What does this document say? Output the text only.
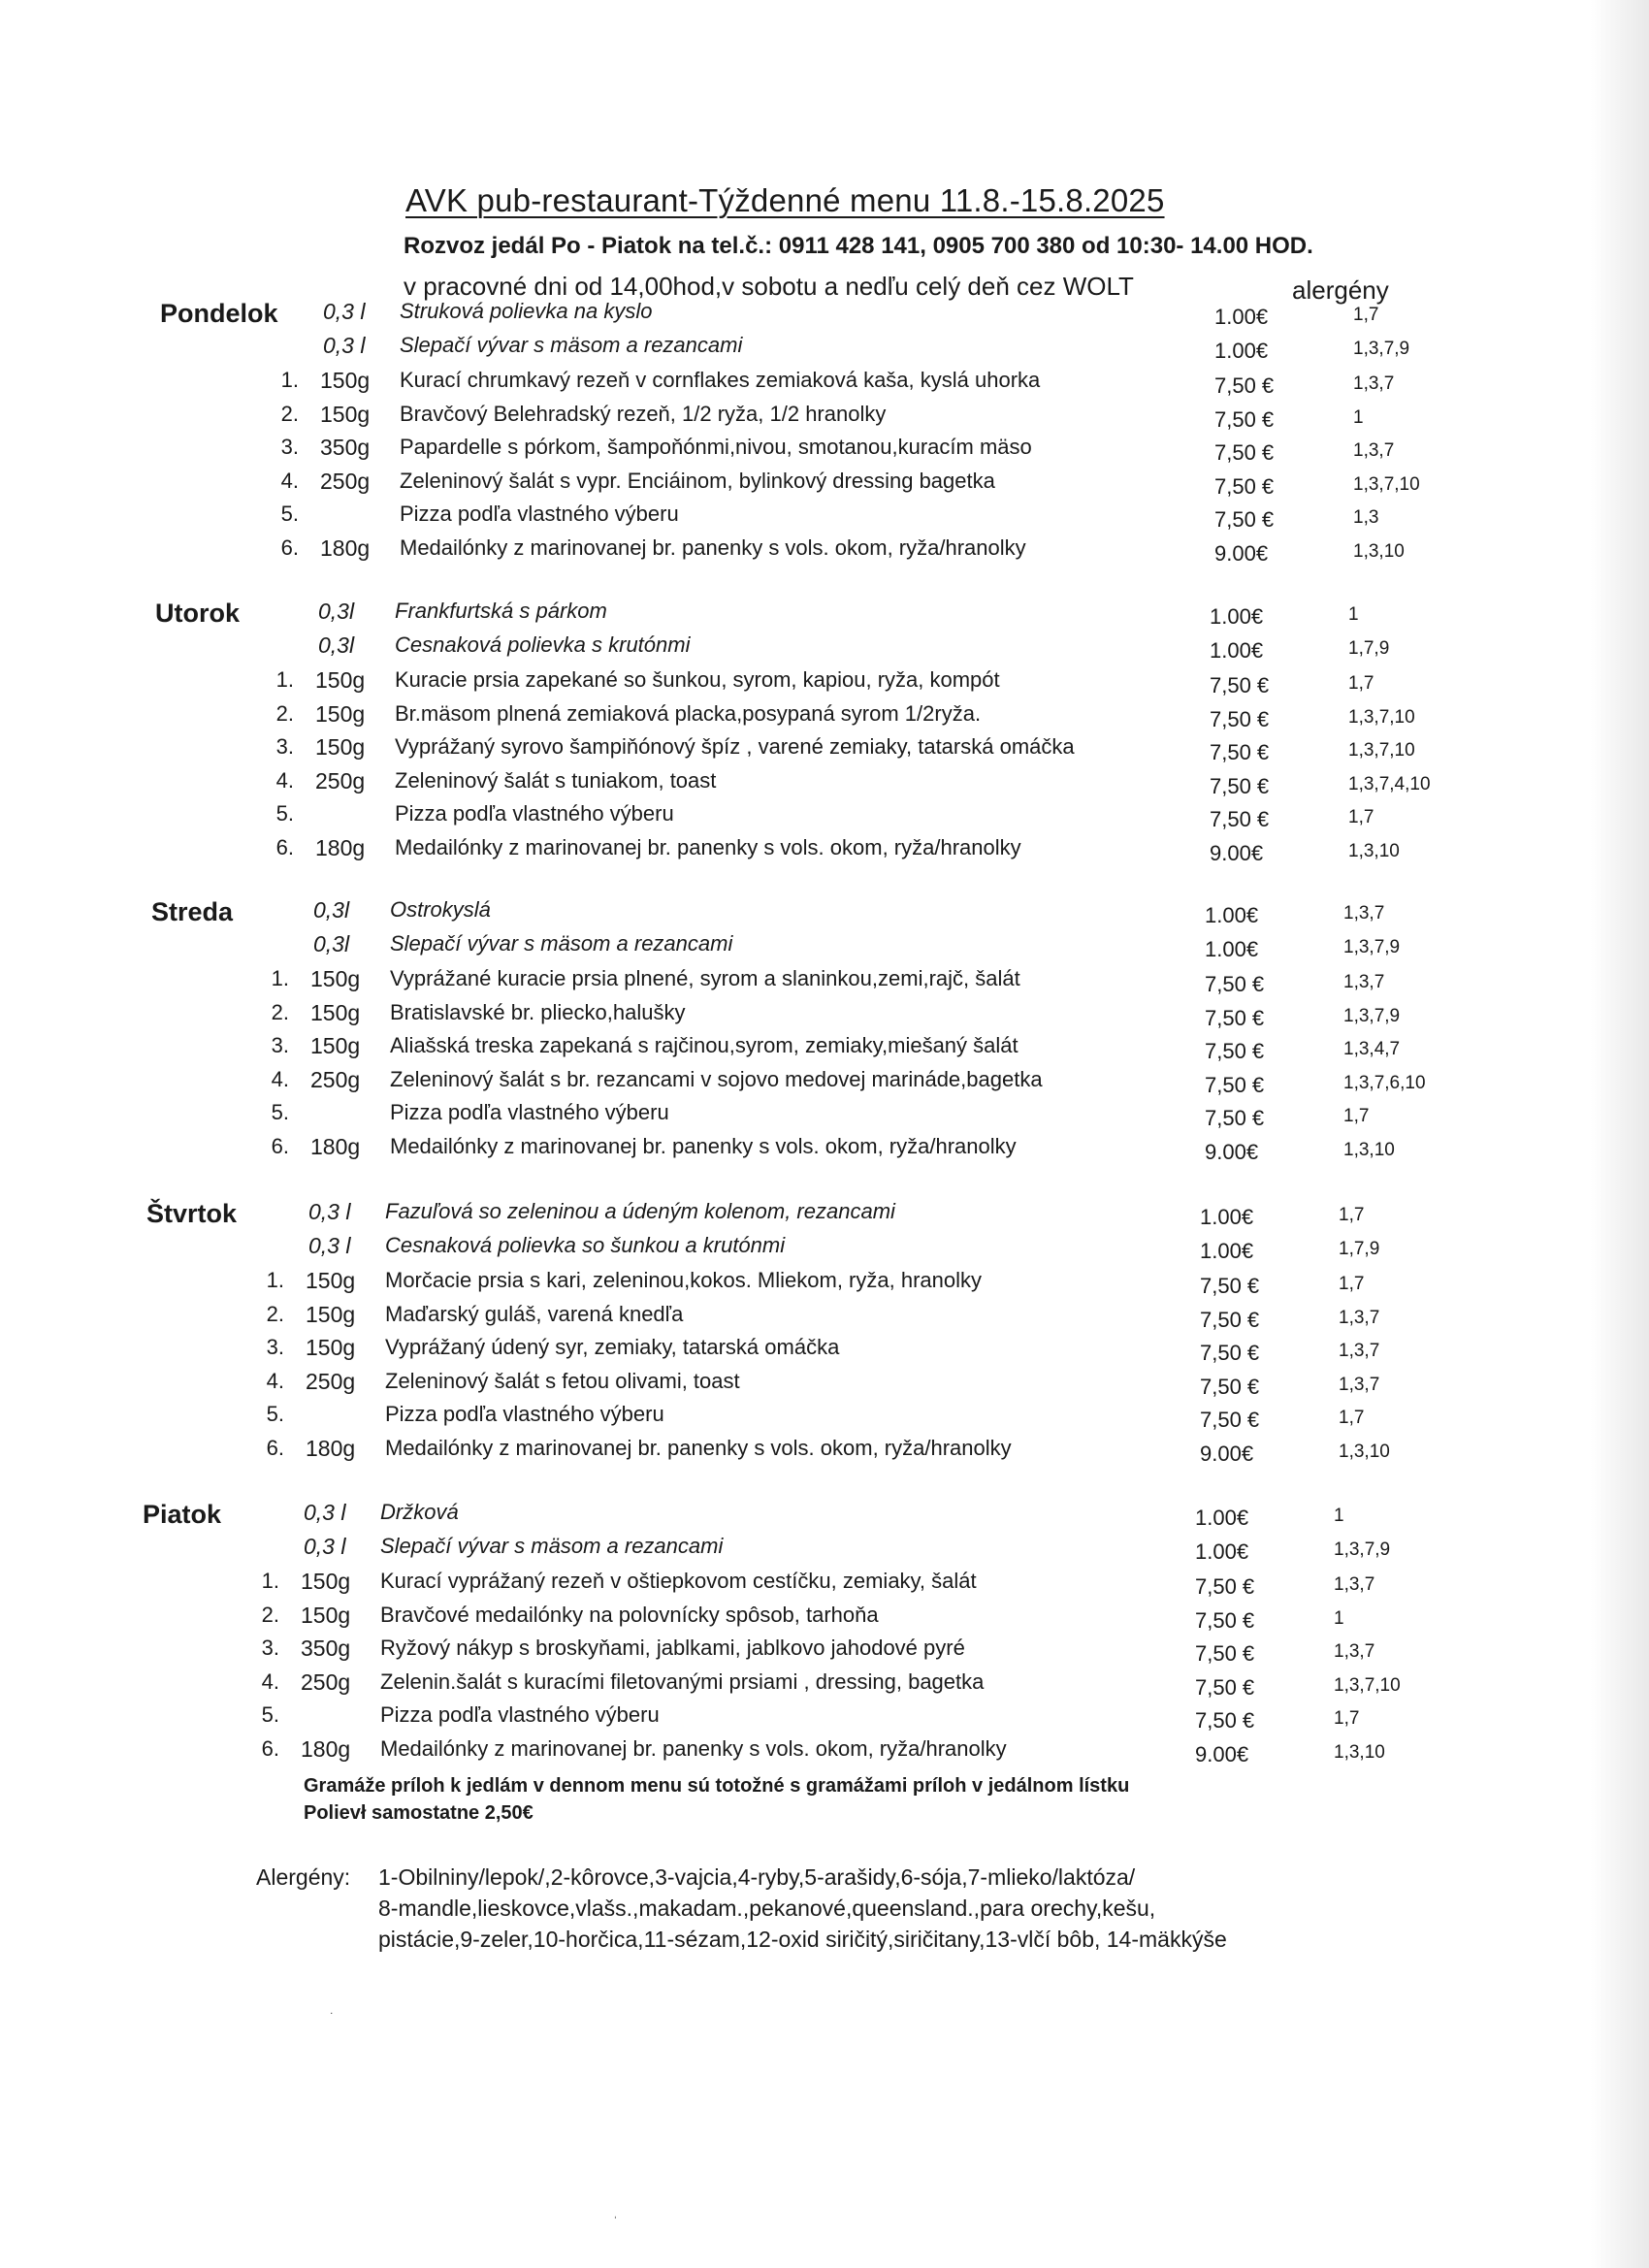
AVK pub-restaurant-Týždenné menu 11.8.-15.8.2025
Rozvoz jedál Po - Piatok na tel.č.: 0911 428 141, 0905 700 380 od 10:30- 14.00 HOD.
v pracovné dni od 14,00hod,v sobotu a nedľu celý deň cez WOLT	alergény
Pondelok 0,3 l Struková polievka na kyslo	1.00€	1,7
0,3 l Slepačí vývar s mäsom a rezancami	1.00€	1,3,7,9
1. 150g Kurací chrumkavý rezeň v cornflakes zemiaková kaša, kyslá uhorka	7,50 €	1,3,7
2. 150g Bravčový Belehradský rezeň, 1/2 ryža, 1/2 hranolky	7,50 €	1
3. 350g Papardelle s pórkom, šampoňónmi,nivou, smotanou,kuracím mäso	7,50 €	1,3,7
4. 250g Zeleninový šalát s vypr. Enciáinom, bylinkový dressing bagetka	7,50 €	1,3,7,10
5.	Pizza podľa vlastného výberu	7,50 €	1,3
6. 180g Medailónky z marinovanej br. panenky s vols. okom, ryža/hranolky	9.00€	1,3,10
Utorok	0,3l Frankfurtská s párkom	1.00€	1
0,3l Cesnaková polievka s krutónmi	1.00€	1,7,9
1. 150g Kuracie prsia zapekané so šunkou, syrom, kapiou, ryža, kompót	7,50 €	1,7
2. 150g Br.mäsom plnená zemiaková placka,posypaná syrom 1/2ryža.	7,50 €	1,3,7,10
3. 150g Vyprážaný syrovo šampiňónový špíz , varené zemiaky, tatarská omáčka	7,50 €	1,3,7,10
4. 250g Zeleninový šalát s tuniakom, toast	7,50 €	1,3,7,4,10
5.	Pizza podľa vlastného výberu	7,50 €	1,7
6. 180g Medailónky z marinovanej br. panenky s vols. okom, ryža/hranolky	9.00€	1,3,10
Streda	0,3l Ostrokyslá	1.00€	1,3,7
0,3l Slepačí vývar s mäsom a rezancami	1.00€	1,3,7,9
1. 150g Vyprážané kuracie prsia plnené, syrom a slaninkou,zemi,rajč, šalát	7,50 €	1,3,7
2. 150g Bratislavské br. pliecko,halušky	7,50 €	1,3,7,9
3. 150g Aliašská treska zapekaná s rajčinou,syrom, zemiaky,miešaný šalát	7,50 €	1,3,4,7
4. 250g Zeleninový šalát s br. rezancami v sojovo medovej marináde,bagetka	7,50 €	1,3,7,6,10
5.	Pizza podľa vlastného výberu	7,50 €	1,7
6. 180g Medailónky z marinovanej br. panenky s vols. okom, ryža/hranolky	9.00€	1,3,10
Štvrtok	0,3 l Fazuľová so zeleninou a údeným kolenom, rezancami	1.00€	1,7
0,3 l Cesnaková polievka so šunkou a krutónmi	1.00€	1,7,9
1. 150g Morčacie prsia s kari, zeleninou,kokos. Mliekom, ryža, hranolky	7,50 €	1,7
2. 150g Maďarský guláš, varená knedľa	7,50 €	1,3,7
3. 150g Vyprážaný údený syr, zemiaky, tatarská omáčka	7,50 €	1,3,7
4. 250g Zeleninový šalát s fetou olivami, toast	7,50 €	1,3,7
5.	Pizza podľa vlastného výberu	7,50 €	1,7
6. 180g Medailónky z marinovanej br. panenky s vols. okom, ryža/hranolky	9.00€	1,3,10
Piatok	0,3 l Držková	1.00€	1
0,3 l Slepačí vývar s mäsom a rezancami	1.00€	1,3,7,9
1. 150g Kurací vyprážaný rezeň v oštiepkovom cestíčku, zemiaky, šalát	7,50 €	1,3,7
2. 150g Bravčové medailónky na polovnícky spôsob, tarhoňa	7,50 €	1
3. 350g Ryžový nákyp s broskyňami, jablkami, jablkovo jahodové pyré	7,50 €	1,3,7
4. 250g Zelenin.šalát s kuracími filetovanými prsiami , dressing, bagetka	7,50 €	1,3,7,10
5.	Pizza podľa vlastného výberu	7,50 €	1,7
6. 180g Medailónky z marinovanej br. panenky s vols. okom, ryža/hranolky	9.00€	1,3,10
Gramáže príloh k jedlám v dennom menu sú totožné s gramážami príloh v jedálnom lístku
Polievł samostatne 2,50€
Alergény: 1-Obilniny/lepok/,2-kôrovce,3-vajcia,4-ryby,5-arašidy,6-sója,7-mlieko/laktóza/
8-mandle,lieskovce,vlašs.,makadam.,pekanové,queensland.,para orechy,kešu,
pistácie,9-zeler,10-horčica,11-sézam,12-oxid siričitý,siričitany,13-vlčí bôb, 14-mäkkýše
˙
ˈ
